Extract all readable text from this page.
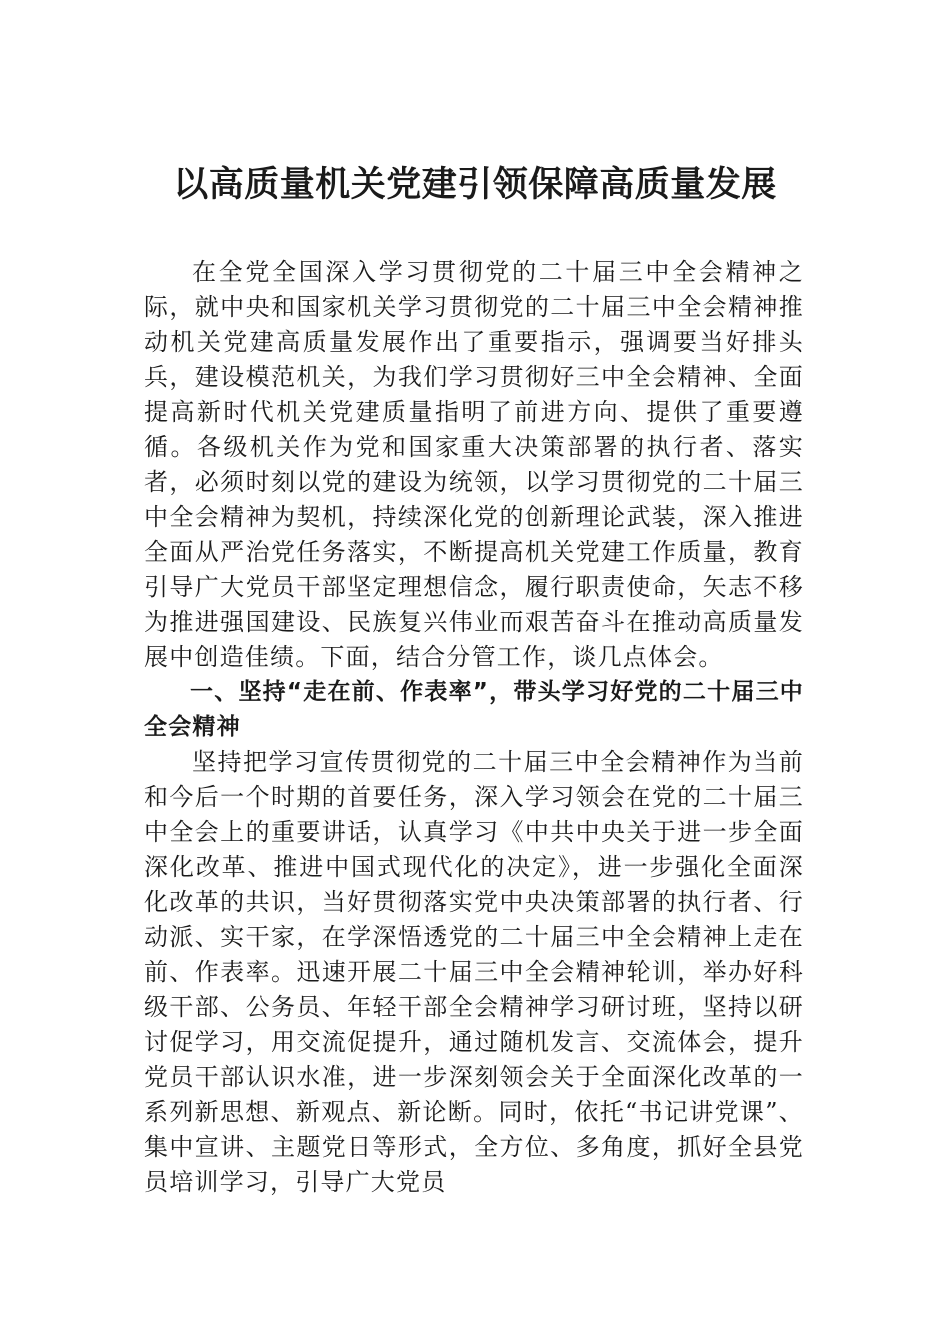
以高质量机关党建引领保障高质量发展

在全党全国深入学习贯彻党的二十届三中全会精神之际，就中央和国家机关学习贯彻党的二十届三中全会精神推动机关党建高质量发展作出了重要指示，强调要当好排头兵，建设模范机关，为我们学习贯彻好三中全会精神、全面提高新时代机关党建质量指明了前进方向、提供了重要遵循。各级机关作为党和国家重大决策部署的执行者、落实者，必须时刻以党的建设为统领，以学习贯彻党的二十届三中全会精神为契机，持续深化党的创新理论武装，深入推进全面从严治党任务落实，不断提高机关党建工作质量，教育引导广大党员干部坚定理想信念，履行职责使命，矢志不移为推进强国建设、民族复兴伟业而艰苦奋斗在推动高质量发展中创造佳绩。下面，结合分管工作，谈几点体会。

一、坚持“走在前、作表率”，带头学习好党的二十届三中全会精神

坚持把学习宣传贯彻党的二十届三中全会精神作为当前和今后一个时期的首要任务，深入学习领会在党的二十届三中全会上的重要讲话，认真学习《中共中央关于进一步全面深化改革、推进中国式现代化的决定》，进一步强化全面深化改革的共识，当好贯彻落实党中央决策部署的执行者、行动派、实干家，在学深悟透党的二十届三中全会精神上走在前、作表率。迅速开展二十届三中全会精神轮训，举办好科级干部、公务员、年轻干部全会精神学习研讨班，坚持以研讨促学习，用交流促提升，通过随机发言、交流体会，提升党员干部认识水准，进一步深刻领会关于全面深化改革的一系列新思想、新观点、新论断。同时，依托“书记讲党课”、集中宣讲、主题党日等形式，全方位、多角度，抓好全县党员培训学习，引导广大党员
